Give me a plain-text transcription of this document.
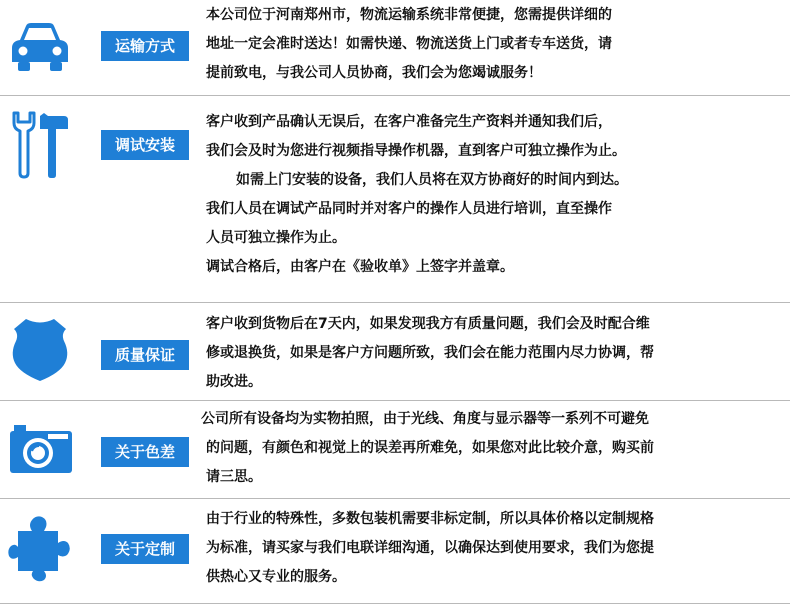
运输方式

本公司位于河南郑州市，物流运输系统非常便捷，您需提供详细的

地址一定会准时送达！如需快递、物流送货上门或者专车送货，请

提前致电，与我公司人员协商，我们会为您竭诚服务！

调试安装

客户收到产品确认无误后，在客户准备完生产资料并通知我们后，

我们会及时为您进行视频指导操作机器，直到客户可独立操作为止。

如需上门安装的设备，我们人员将在双方协商好的时间内到达。

我们人员在调试产品同时并对客户的操作人员进行培训，直至操作

人员可独立操作为止。

调试合格后，由客户在《验收单》上签字并盖章。

质量保证

客户收到货物后在7天内，如果发现我方有质量问题，我们会及时配合维

修或退换货，如果是客户方问题所致，我们会在能力范围内尽力协调，帮

助改进。

关于色差

公司所有设备均为实物拍照，由于光线、角度与显示器等一系列不可避免

的问题，有颜色和视觉上的误差再所难免，如果您对此比较介意，购买前

请三思。

关于定制

由于行业的特殊性，多数包装机需要非标定制，所以具体价格以定制规格

为标准，请买家与我们电联详细沟通，以确保达到使用要求，我们为您提

供热心又专业的服务。
